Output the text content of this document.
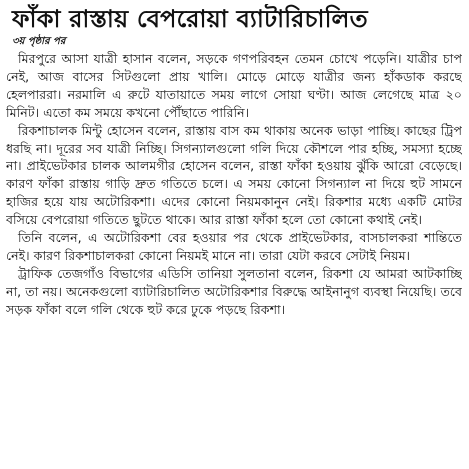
ফাঁকা রাস্তায় বেপরোয়া ব্যাটারিচালিত
৩য় পৃষ্ঠার পর

মিরপুরে আসা যাত্রী হাসান বলেন, সড়কে গণপরিবহন তেমন চোখে পড়েনি। যাত্রীর চাপ নেই, আজ বাসের সিটগুলো প্রায় খালি। মোড়ে মোড়ে যাত্রীর জন্য হাঁকডাক করছে হেলপাররা। নরমালি এ রুটে যাতায়াতে সময় লাগে সোয়া ঘণ্টা। আজ লেগেছে মাত্র ২০ মিনিট। এতো কম সময়ে কখনো পৌঁছাতে পারিনি।

রিকশাচালক মিন্টু হোসেন বলেন, রাস্তায় বাস কম থাকায় অনেক ভাড়া পাচ্ছি। কাছের ট্রিপ ধরছি না। দূরের সব যাত্রী নিচ্ছি। সিগন্যালগুলো গলি দিয়ে কৌশলে পার হচ্ছি, সমস্যা হচ্ছে না। প্রাইভেটকার চালক আলমগীর হোসেন বলেন, রাস্তা ফাঁকা হওয়ায় ঝুঁকি আরো বেড়েছে। কারণ ফাঁকা রাস্তায় গাড়ি দ্রুত গতিতে চলে। এ সময় কোনো সিগন্যাল না দিয়ে হুট সামনে হাজির হয়ে যায় অটোরিকশা। এদের কোনো নিয়মকানুন নেই। রিকশার মধ্যে একটি মোটর বসিয়ে বেপরোয়া গতিতে ছুটতে থাকে। আর রাস্তা ফাঁকা হলে তো কোনো কথাই নেই।

তিনি বলেন, এ অটোরিকশা বের হওয়ার পর থেকে প্রাইভেটকার, বাসচালকরা শান্তিতে নেই। কারণ রিকশাচালকরা কোনো নিয়মই মানে না। তারা যেটা করবে সেটাই নিয়ম।

ট্রাফিক তেজগাঁও বিভাগের এডিসি তানিয়া সুলতানা বলেন, রিকশা যে আমরা আটকাচ্ছি না, তা নয়। অনেকগুলো ব্যাটারিচালিত অটোরিকশার বিরুদ্ধে আইনানুগ ব্যবস্থা নিয়েছি। তবে সড়ক ফাঁকা বলে গলি থেকে হুট করে ঢুকে পড়ছে রিকশা।
